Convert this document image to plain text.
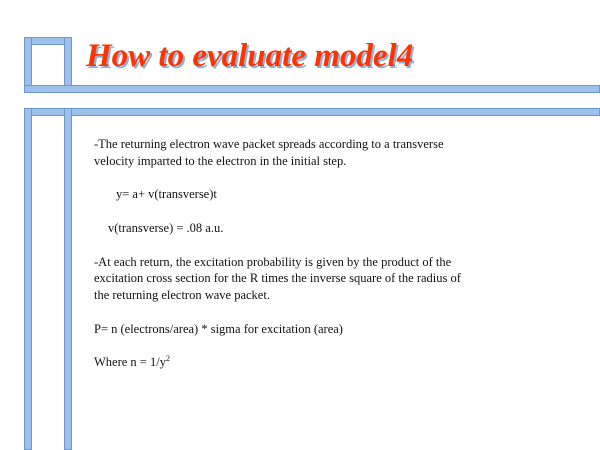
How to evaluate model4

-The returning electron wave packet spreads according to a transverse

velocity imparted to the electron in the initial step.

y= a+ v(transverse)t

v(transverse) = .08 a.u.

-At each return, the excitation probability is given by the product of the

excitation cross section for the R times the inverse square of the radius of

the returning electron wave packet.

P= n (electrons/area) * sigma for excitation (area)

Where $n = 1/y^2$
